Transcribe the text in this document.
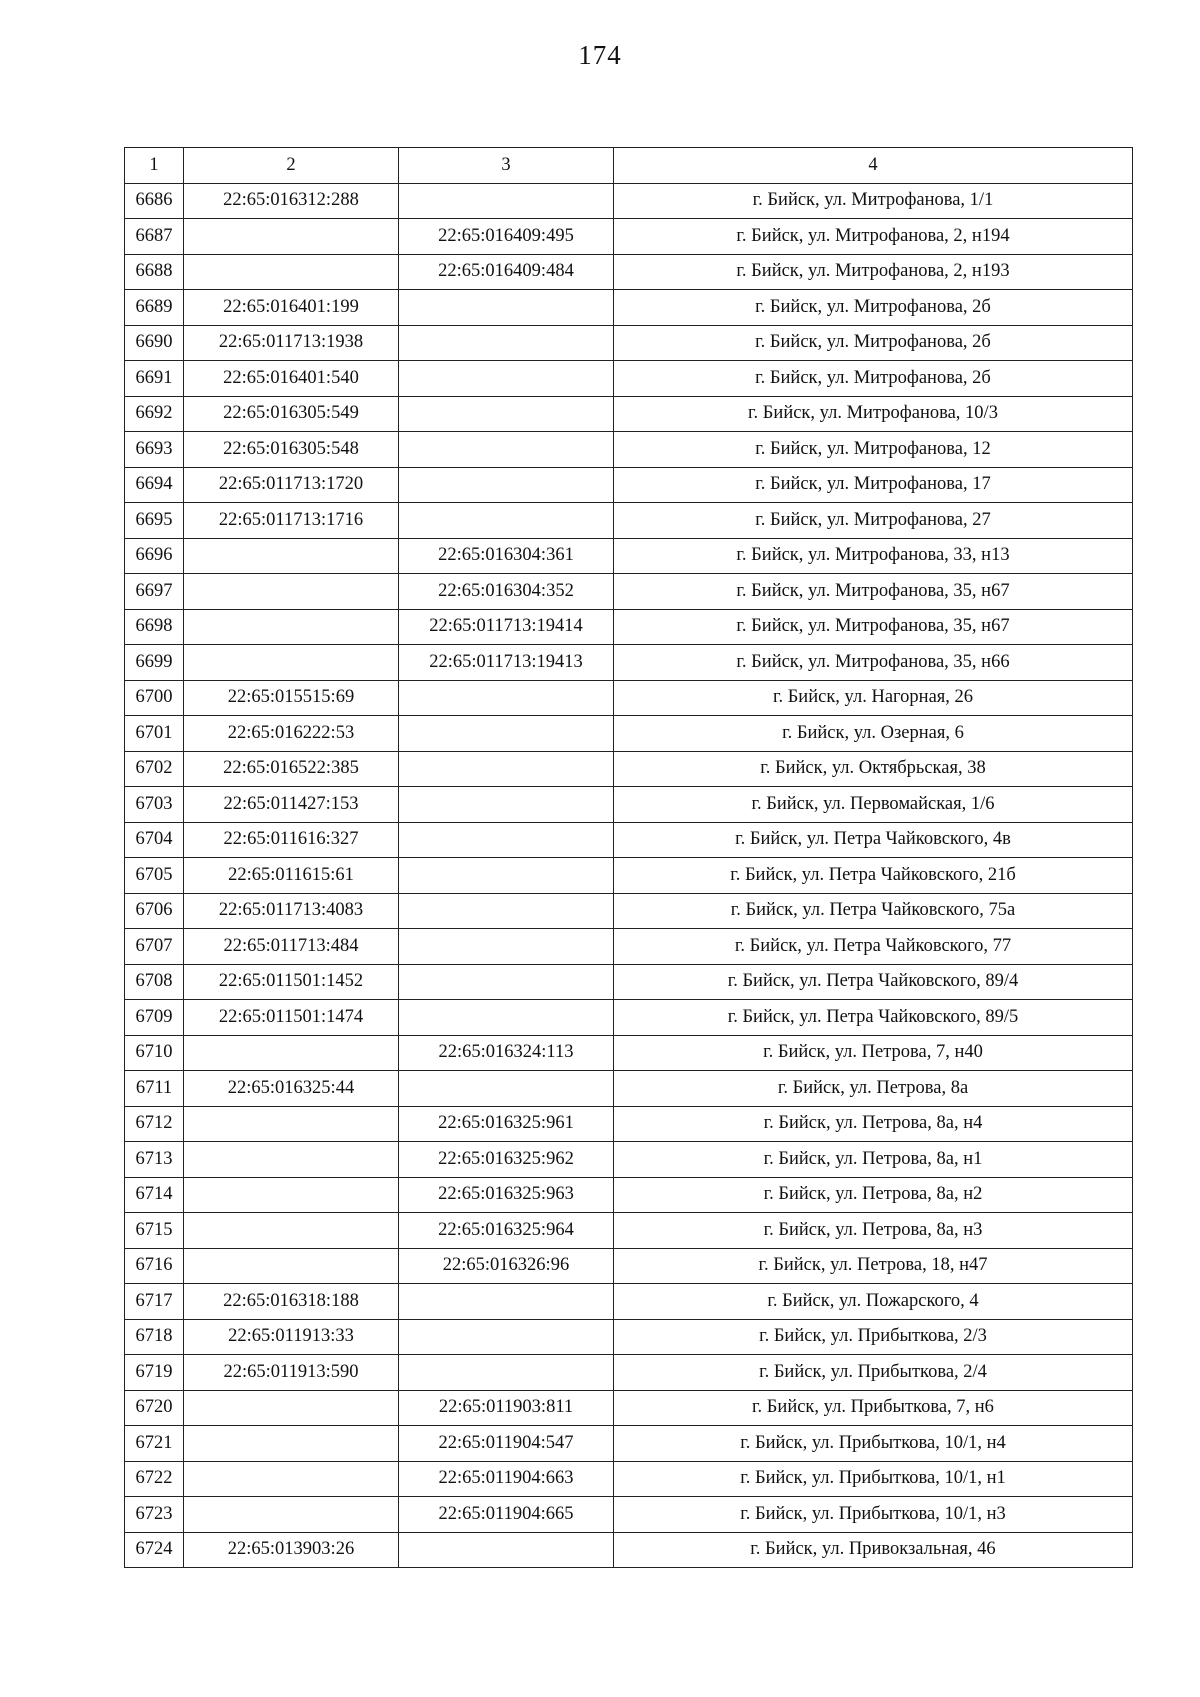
174
1	2	3	4
6686	22:65:016312:288		г. Бийск, ул. Митрофанова, 1/1
6687		22:65:016409:495	г. Бийск, ул. Митрофанова, 2, н194
6688		22:65:016409:484	г. Бийск, ул. Митрофанова, 2, н193
6689	22:65:016401:199		г. Бийск, ул. Митрофанова, 2б
6690	22:65:011713:1938		г. Бийск, ул. Митрофанова, 2б
6691	22:65:016401:540		г. Бийск, ул. Митрофанова, 2б
6692	22:65:016305:549		г. Бийск, ул. Митрофанова, 10/3
6693	22:65:016305:548		г. Бийск, ул. Митрофанова, 12
6694	22:65:011713:1720		г. Бийск, ул. Митрофанова, 17
6695	22:65:011713:1716		г. Бийск, ул. Митрофанова, 27
6696		22:65:016304:361	г. Бийск, ул. Митрофанова, 33, н13
6697		22:65:016304:352	г. Бийск, ул. Митрофанова, 35, н67
6698		22:65:011713:19414	г. Бийск, ул. Митрофанова, 35, н67
6699		22:65:011713:19413	г. Бийск, ул. Митрофанова, 35, н66
6700	22:65:015515:69		г. Бийск, ул. Нагорная, 26
6701	22:65:016222:53		г. Бийск, ул. Озерная, 6
6702	22:65:016522:385		г. Бийск, ул. Октябрьская, 38
6703	22:65:011427:153		г. Бийск, ул. Первомайская, 1/6
6704	22:65:011616:327		г. Бийск, ул. Петра Чайковского, 4в
6705	22:65:011615:61		г. Бийск, ул. Петра Чайковского, 21б
6706	22:65:011713:4083		г. Бийск, ул. Петра Чайковского, 75а
6707	22:65:011713:484		г. Бийск, ул. Петра Чайковского, 77
6708	22:65:011501:1452		г. Бийск, ул. Петра Чайковского, 89/4
6709	22:65:011501:1474		г. Бийск, ул. Петра Чайковского, 89/5
6710		22:65:016324:113	г. Бийск, ул. Петрова, 7, н40
6711	22:65:016325:44		г. Бийск, ул. Петрова, 8а
6712		22:65:016325:961	г. Бийск, ул. Петрова, 8а, н4
6713		22:65:016325:962	г. Бийск, ул. Петрова, 8а, н1
6714		22:65:016325:963	г. Бийск, ул. Петрова, 8а, н2
6715		22:65:016325:964	г. Бийск, ул. Петрова, 8а, н3
6716		22:65:016326:96	г. Бийск, ул. Петрова, 18, н47
6717	22:65:016318:188		г. Бийск, ул. Пожарского, 4
6718	22:65:011913:33		г. Бийск, ул. Прибыткова, 2/3
6719	22:65:011913:590		г. Бийск, ул. Прибыткова, 2/4
6720		22:65:011903:811	г. Бийск, ул. Прибыткова, 7, н6
6721		22:65:011904:547	г. Бийск, ул. Прибыткова, 10/1, н4
6722		22:65:011904:663	г. Бийск, ул. Прибыткова, 10/1, н1
6723		22:65:011904:665	г. Бийск, ул. Прибыткова, 10/1, н3
6724	22:65:013903:26		г. Бийск, ул. Привокзальная, 46
